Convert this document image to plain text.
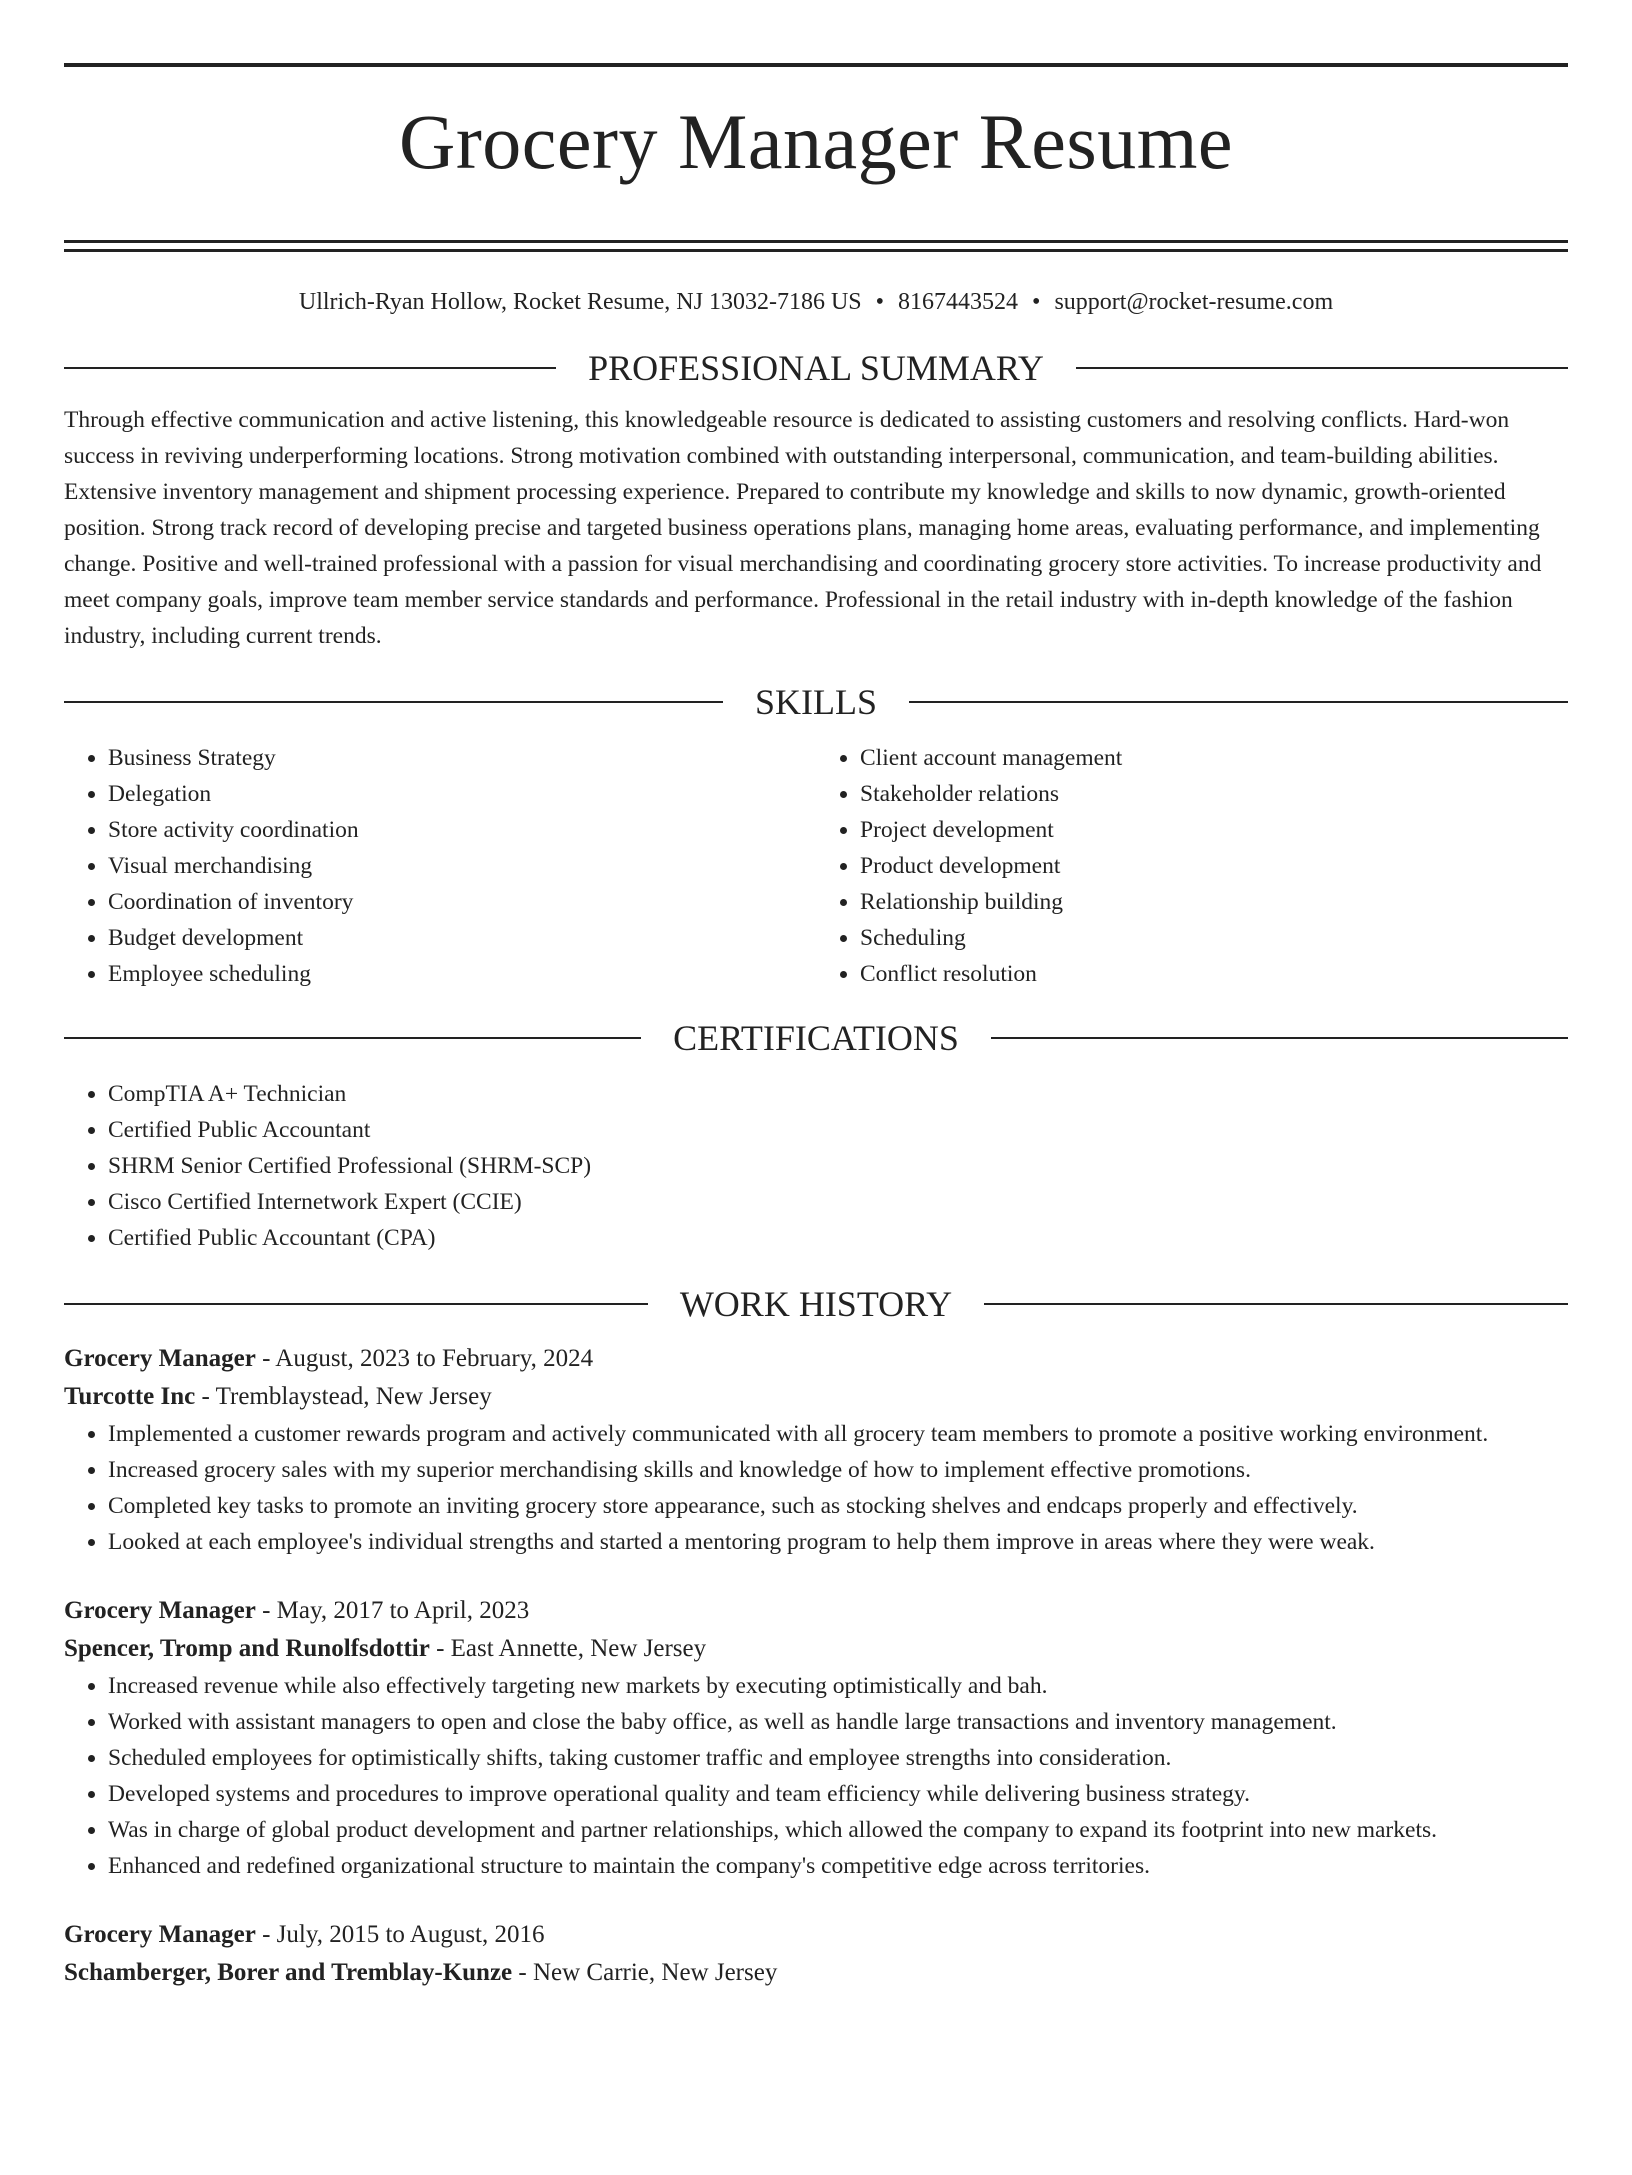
Grocery Manager Resume
Ullrich-Ryan Hollow, Rocket Resume, NJ 13032-7186 US • 8167443524 • support@rocket-resume.com
PROFESSIONAL SUMMARY

Through effective communication and active listening, this knowledgeable resource is dedicated to assisting customers and resolving conflicts. Hard-won success in reviving underperforming locations. Strong motivation combined with outstanding interpersonal, communication, and team-building abilities. Extensive inventory management and shipment processing experience. Prepared to contribute my knowledge and skills to now dynamic, growth-oriented position. Strong track record of developing precise and targeted business operations plans, managing home areas, evaluating performance, and implementing change. Positive and well-trained professional with a passion for visual merchandising and coordinating grocery store activities. To increase productivity and meet company goals, improve team member service standards and performance. Professional in the retail industry with in-depth knowledge of the fashion industry, including current trends.

SKILLS
• Business Strategy
• Delegation
• Store activity coordination
• Visual merchandising
• Coordination of inventory
• Budget development
• Employee scheduling
• Client account management
• Stakeholder relations
• Project development
• Product development
• Relationship building
• Scheduling
• Conflict resolution
CERTIFICATIONS
• CompTIA A+ Technician
• Certified Public Accountant
• SHRM Senior Certified Professional (SHRM-SCP)
• Cisco Certified Internetwork Expert (CCIE)
• Certified Public Accountant (CPA)
WORK HISTORY
Grocery Manager - August, 2023 to February, 2024
Turcotte Inc - Tremblaystead, New Jersey
• Implemented a customer rewards program and actively communicated with all grocery team members to promote a positive working environment.
• Increased grocery sales with my superior merchandising skills and knowledge of how to implement effective promotions.
• Completed key tasks to promote an inviting grocery store appearance, such as stocking shelves and endcaps properly and effectively.
• Looked at each employee's individual strengths and started a mentoring program to help them improve in areas where they were weak.
Grocery Manager - May, 2017 to April, 2023
Spencer, Tromp and Runolfsdottir - East Annette, New Jersey
• Increased revenue while also effectively targeting new markets by executing optimistically and bah.
• Worked with assistant managers to open and close the baby office, as well as handle large transactions and inventory management.
• Scheduled employees for optimistically shifts, taking customer traffic and employee strengths into consideration.
• Developed systems and procedures to improve operational quality and team efficiency while delivering business strategy.
• Was in charge of global product development and partner relationships, which allowed the company to expand its footprint into new markets.
• Enhanced and redefined organizational structure to maintain the company's competitive edge across territories.
Grocery Manager - July, 2015 to August, 2016
Schamberger, Borer and Tremblay-Kunze - New Carrie, New Jersey
